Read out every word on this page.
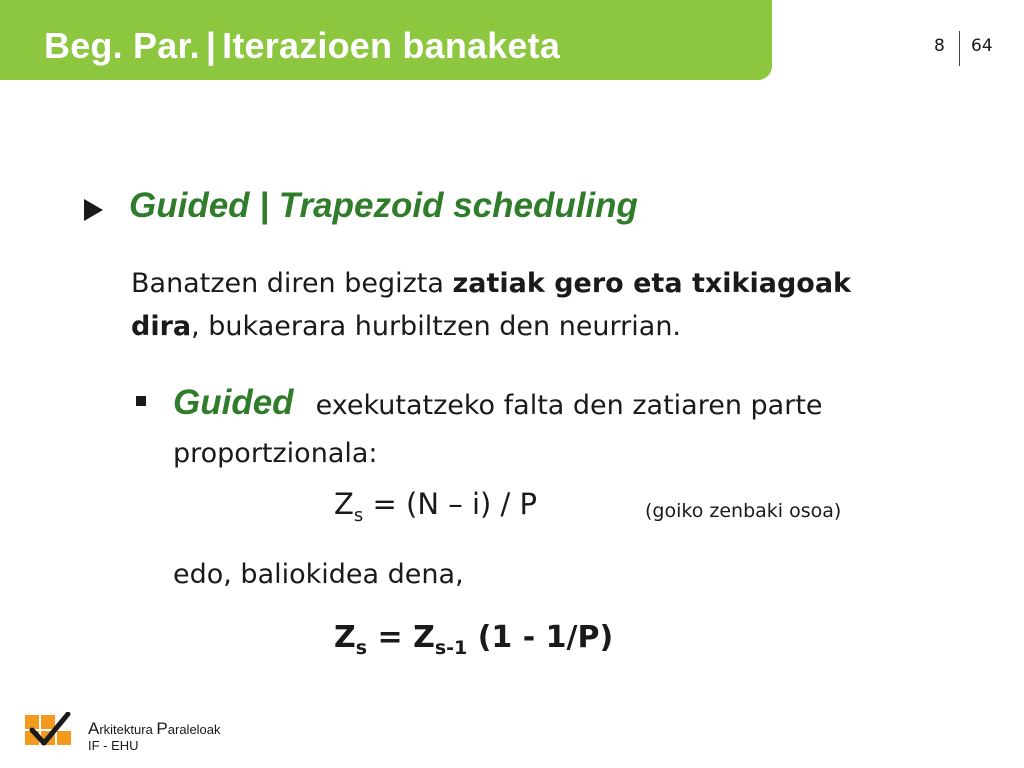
Beg. Par. | Iterazioen banaketa	8 64
Guided | Trapezoid scheduling
Banatzen diren begizta zatiak gero eta txikiagoak
dira, bukaerara hurbiltzen den neurrian.
Guided exekutatzeko falta den zatiaren parte proportzionala:
$Z_s = (N - i) / P$	(goiko zenbaki osoa)
edo, baliokidea dena,
$Z_s = Z_{s-1}$ (1 - 1/P)
Arkitektura Paraleloak
IF - EHU
